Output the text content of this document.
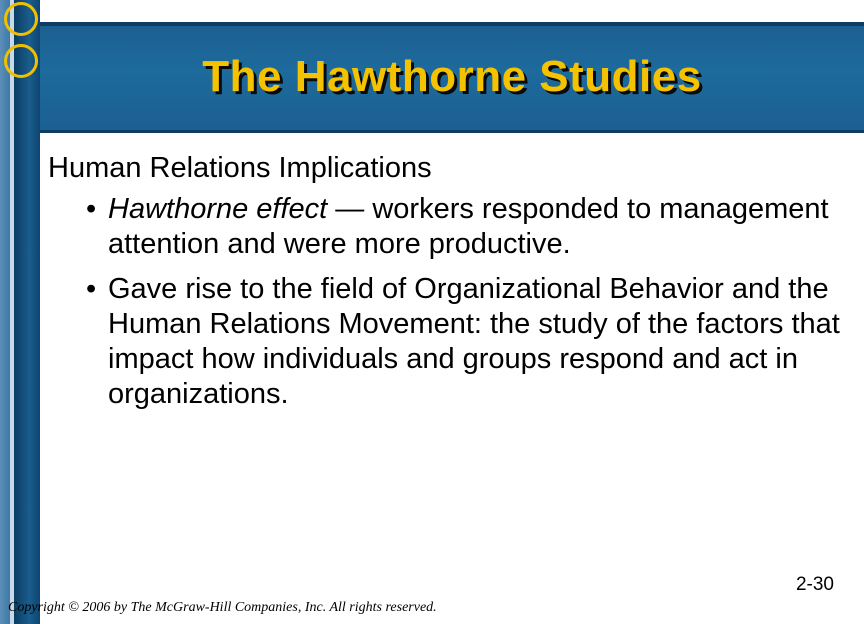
The Hawthorne Studies
Human Relations Implications
• Hawthorne effect — workers responded to management attention and were more productive.
• Gave rise to the field of Organizational Behavior and the Human Relations Movement: the study of the factors that impact how individuals and groups respond and act in organizations.
2-30
Copyright © 2006 by The McGraw-Hill Companies, Inc. All rights reserved.
